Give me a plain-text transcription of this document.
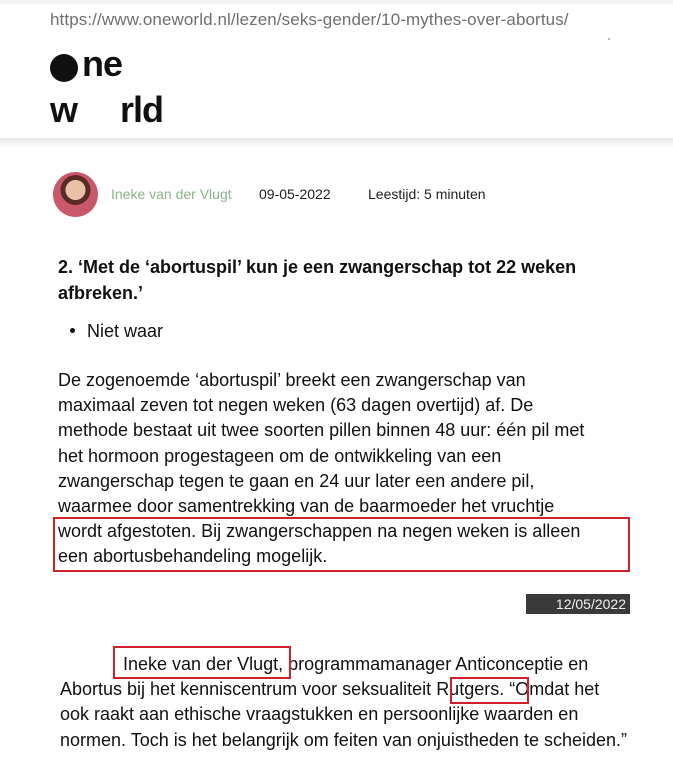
https://www.oneworld.nl/lezen/seks-gender/10-mythes-over-abortus/
ne
w rld
Ineke van der Vlugt 09-05-2022	Leestijd: 5 minuten
2. ‘Met de ‘abortuspil’ kun je een zwangerschap tot 22 weken
afbreken.’
Niet waar

De zogenoemde ‘abortuspil’ breekt een zwangerschap van

maximaal zeven tot negen weken (63 dagen overtijd) af. De

methode bestaat uit twee soorten pillen binnen 48 uur: één pil met

het hormoon progestageen om de ontwikkeling van een

zwangerschap tegen te gaan en 24 uur later een andere pil,

waarmee door samentrekking van de baarmoeder het vruchtje

wordt afgestoten. Bij zwangerschappen na negen weken is alleen

een abortusbehandeling mogelijk.

12/05/2022

Ineke van der Vlugt, programmamanager Anticonceptie en

Abortus bij het kenniscentrum voor seksualiteit Rutgers. “Omdat het

ook raakt aan ethische vraagstukken en persoonlijke waarden en

normen. Toch is het belangrijk om feiten van onjuistheden te scheiden.”
